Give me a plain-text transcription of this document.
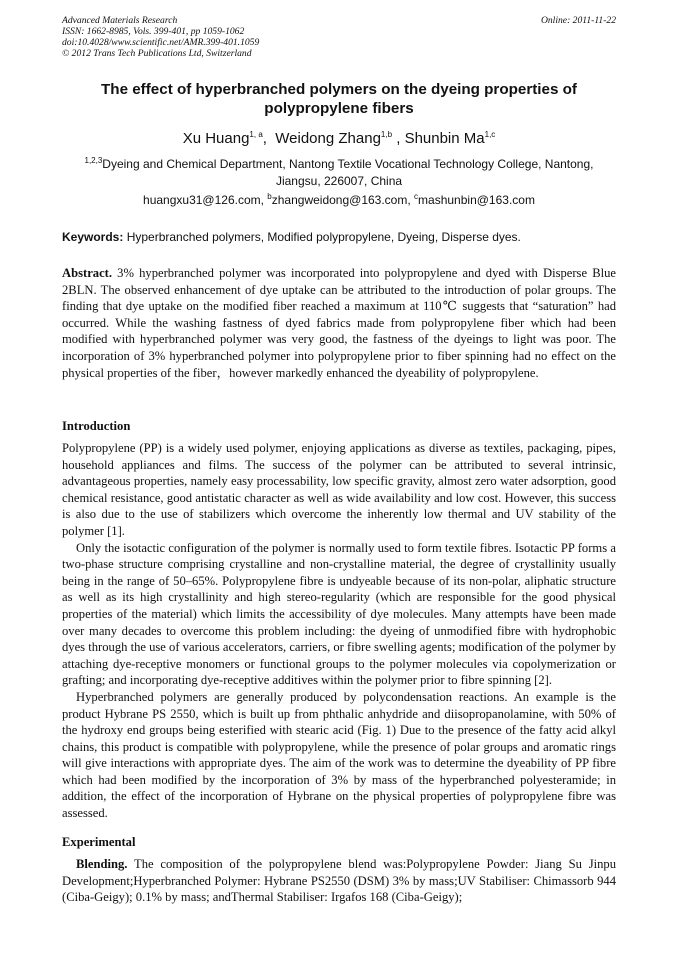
Advanced Materials Research
ISSN: 1662-8985, Vols. 399-401, pp 1059-1062
doi:10.4028/www.scientific.net/AMR.399-401.1059
© 2012 Trans Tech Publications Ltd, Switzerland
Online: 2011-11-22
The effect of hyperbranched polymers on the dyeing properties of
polypropylene fibers
Xu Huang$^{1, a}$,  Weidong Zhang$^{1,b}$ , Shunbin Ma$^{1,c}$
$^{1,2,3}$Dyeing and Chemical Department, Nantong Textile Vocational Technology College, Nantong,
Jiangsu, 226007, China
huangxu31@126.com, $^b$zhangweidong@163.com, $^c$mashunbin@163.com
Keywords: Hyperbranched polymers, Modified polypropylene, Dyeing, Disperse dyes.

Abstract. 3% hyperbranched polymer was incorporated into polypropylene and dyed with Disperse Blue 2BLN. The observed enhancement of dye uptake can be attributed to the introduction of polar groups. The finding that dye uptake on the modified fiber reached a maximum at 110℃ suggests that “saturation” had occurred. While the washing fastness of dyed fabrics made from polypropylene fiber which had been modified with hyperbranched polymer was very good, the fastness of the dyeings to light was poor. The incorporation of 3% hyperbranched polymer into polypropylene prior to fiber spinning had no effect on the physical properties of the fiber，however markedly enhanced the dyeability of polypropylene.

Introduction

Polypropylene (PP) is a widely used polymer, enjoying applications as diverse as textiles, packaging, pipes, household appliances and films. The success of the polymer can be attributed to several intrinsic, advantageous properties, namely easy processability, low specific gravity, almost zero water adsorption, good chemical resistance, good antistatic character as well as wide availability and low cost. However, this success is also due to the use of stabilizers which overcome the inherently low thermal and UV stability of the polymer [1].

Only the isotactic configuration of the polymer is normally used to form textile fibres. Isotactic PP forms a two-phase structure comprising crystalline and non-crystalline material, the degree of crystallinity usually being in the range of 50–65%. Polypropylene fibre is undyeable because of its non-polar, aliphatic structure as well as its high crystallinity and high stereo-regularity (which are responsible for the good physical properties of the material) which limits the accessibility of dye molecules. Many attempts have been made over many decades to overcome this problem including: the dyeing of unmodified fibre with hydrophobic dyes through the use of various accelerators, carriers, or fibre swelling agents; modification of the polymer by attaching dye-receptive monomers or functional groups to the polymer molecules via copolymerization or grafting; and incorporating dye-receptive additives within the polymer prior to fibre spinning [2].

Hyperbranched polymers are generally produced by polycondensation reactions. An example is the product Hybrane PS 2550, which is built up from phthalic anhydride and diisopropanolamine, with 50% of the hydroxy end groups being esterified with stearic acid (Fig. 1) Due to the presence of the fatty acid alkyl chains, this product is compatible with polypropylene, while the presence of polar groups and aromatic rings will give interactions with appropriate dyes. The aim of the work was to determine the dyeability of PP fibre which had been modified by the incorporation of 3% by mass of the hyperbranched polyesteramide; in addition, the effect of the incorporation of Hybrane on the physical properties of polypropylene fibre was assessed.

Experimental

Blending. The composition of the polypropylene blend was:Polypropylene Powder: Jiang Su Jinpu Development;Hyperbranched Polymer: Hybrane PS2550 (DSM) 3% by mass;UV Stabiliser: Chimassorb 944 (Ciba-Geigy); 0.1% by mass; andThermal Stabiliser: Irgafos 168 (Ciba-Geigy);
